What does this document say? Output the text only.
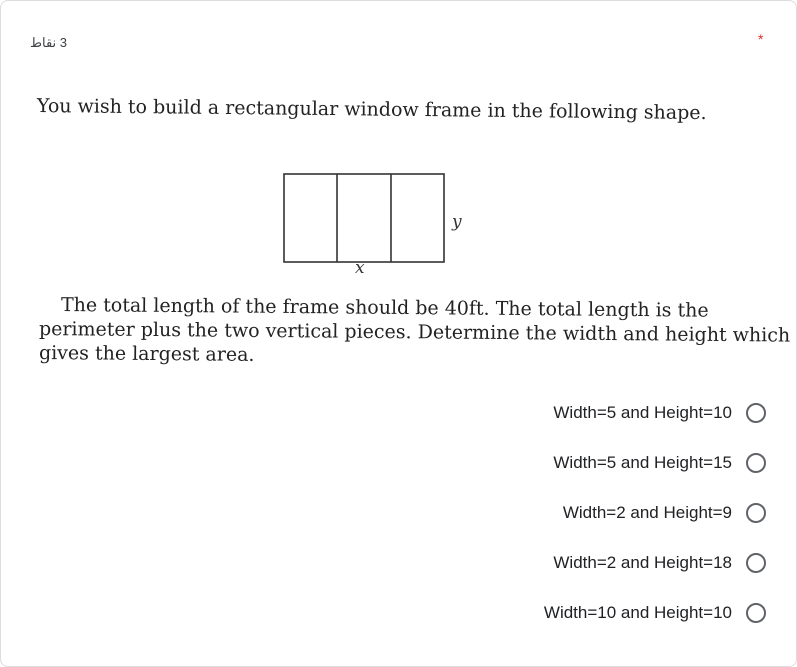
3 نقاط	*
You wish to build a rectangular window frame in the following shape.
y
x
The total length of the frame should be 40ft. The total length is the
perimeter plus the two vertical pieces. Determine the width and height which
gives the largest area.
Width=5 and Height=10
Width=5 and Height=15
Width=2 and Height=9
Width=2 and Height=18
Width=10 and Height=10
